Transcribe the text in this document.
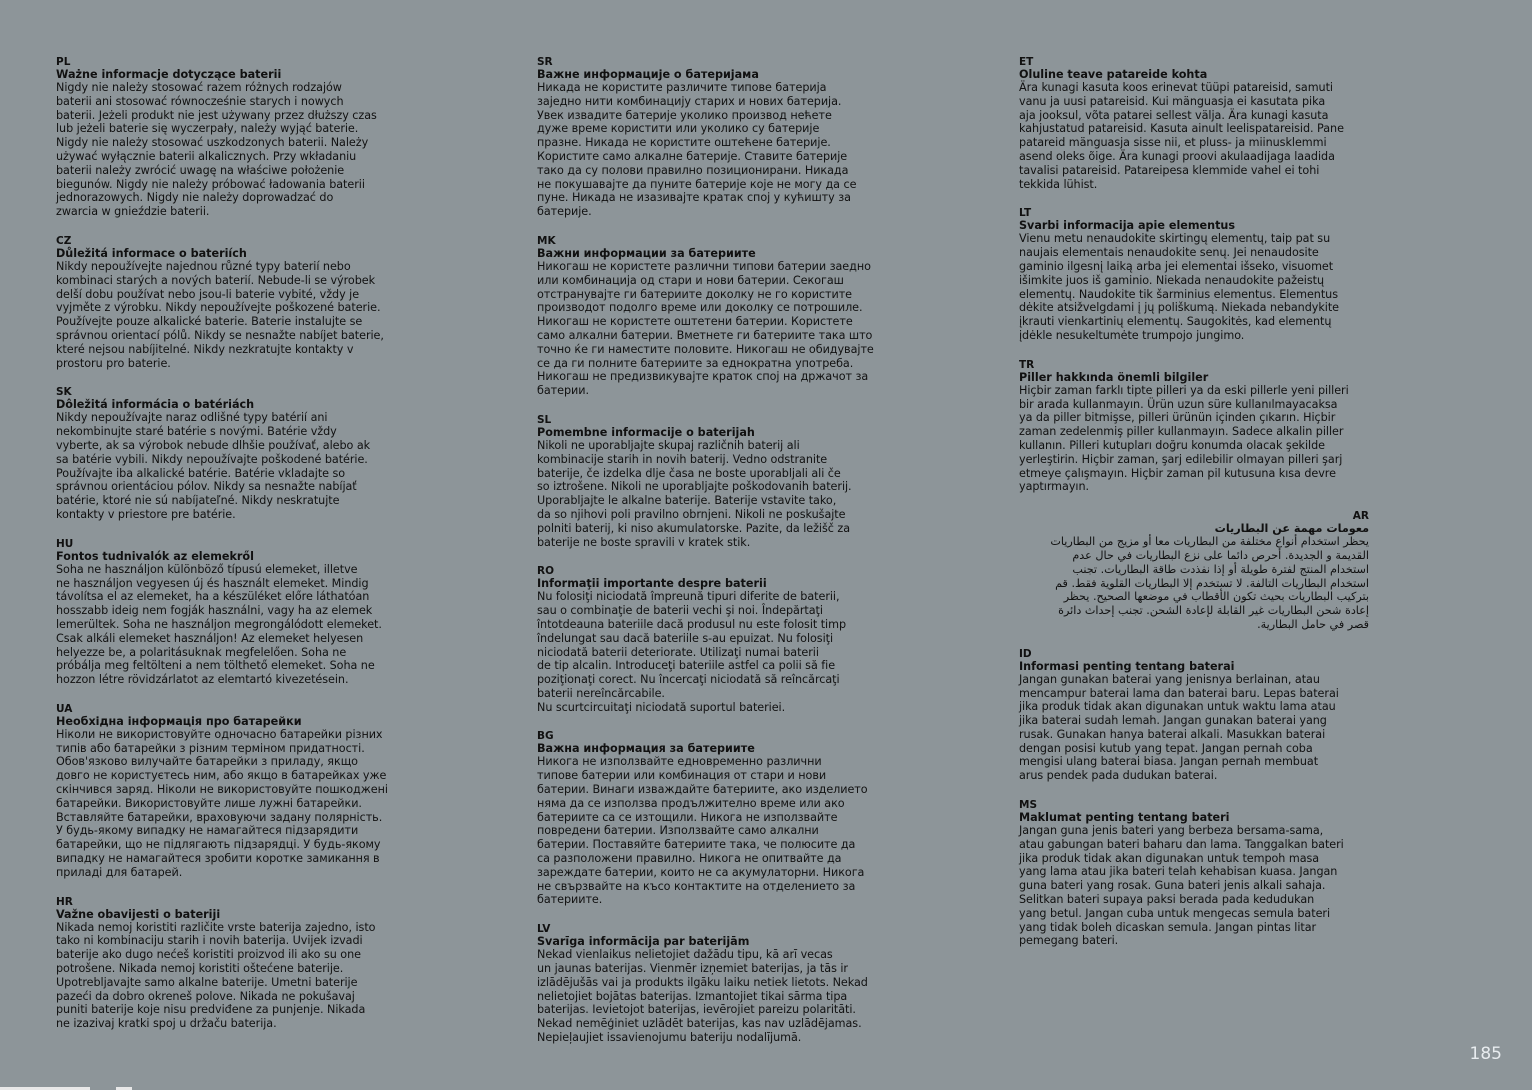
PL
Ważne informacje dotyczące baterii
Nigdy nie należy stosować razem różnych rodzajów
baterii ani stosować równocześnie starych i nowych
baterii. Jeżeli produkt nie jest używany przez dłuższy czas
lub jeżeli baterie się wyczerpały, należy wyjąć baterie.
Nigdy nie należy stosować uszkodzonych baterii. Należy
używać wyłącznie baterii alkalicznych. Przy wkładaniu
baterii należy zwrócić uwagę na właściwe położenie
biegunów. Nigdy nie należy próbować ładowania baterii
jednorazowych. Nigdy nie należy doprowadzać do
zwarcia w gnieździe baterii.
CZ
Důležitá informace o bateriích
Nikdy nepoužívejte najednou různé typy baterií nebo
kombinaci starých a nových baterií. Nebude-li se výrobek
delší dobu používat nebo jsou-li baterie vybité, vždy je
vyjměte z výrobku. Nikdy nepoužívejte poškozené baterie.
Používejte pouze alkalické baterie. Baterie instalujte se
správnou orientací pólů. Nikdy se nesnažte nabíjet baterie,
které nejsou nabíjitelné. Nikdy nezkratujte kontakty v
prostoru pro baterie.
SK
Dôležitá informácia o batériách
Nikdy nepoužívajte naraz odlišné typy batérií ani
nekombinujte staré batérie s novými. Batérie vždy
vyberte, ak sa výrobok nebude dlhšie používať, alebo ak
sa batérie vybili. Nikdy nepoužívajte poškodené batérie.
Používajte iba alkalické batérie. Batérie vkladajte so
správnou orientáciou pólov. Nikdy sa nesnažte nabíjať
batérie, ktoré nie sú nabíjateľné. Nikdy neskratujte
kontakty v priestore pre batérie.
HU
Fontos tudnivalók az elemekről
Soha ne használjon különböző típusú elemeket, illetve
ne használjon vegyesen új és használt elemeket. Mindig
távolítsa el az elemeket, ha a készüléket előre láthatóan
hosszabb ideig nem fogják használni, vagy ha az elemek
lemerültek. Soha ne használjon megrongálódott elemeket.
Csak alkáli elemeket használjon! Az elemeket helyesen
helyezze be, a polaritásuknak megfelelően. Soha ne
próbálja meg feltölteni a nem tölthető elemeket. Soha ne
hozzon létre rövidzárlatot az elemtartó kivezetésein.
UA
Необхідна інформація про батарейки
Ніколи не використовуйте одночасно батарейки різних
типів або батарейки з різним терміном придатності.
Обов'язково вилучайте батарейки з приладу, якщо
довго не користуєтесь ним, або якщо в батарейках уже
скінчився заряд. Ніколи не використовуйте пошкоджені
батарейки. Використовуйте лише лужні батарейки.
Вставляйте батарейки, враховуючи задану полярність.
У будь-якому випадку не намагайтеся підзарядити
батарейки, що не підлягають підзарядці. У будь-якому
випадку не намагайтеся зробити коротке замикання в
приладі для батарей.
HR
Važne obavijesti o baterijі
Nikada nemoj koristiti različite vrste baterija zajedno, isto
tako ni kombinaciju starih i novih baterija. Uvijek izvadi
baterije ako dugo nećeš koristiti proizvod ili ako su one
potrošene. Nikada nemoj koristiti oštećene baterije.
Upotrebljavajte samo alkalne baterije. Umetni baterije
pazeći da dobro okreneš polove. Nikada ne pokušavaj
puniti baterije koje nisu predviđene za punjenje. Nikada
ne izazivaj kratki spoj u držaču baterija.
SR
Важне информације о батеријама
Никада не користите различите типове батерија
заједно нити комбинацију старих и нових батерија.
Увек извадите батерије уколико производ нећете
дуже време користити или уколико су батерије
празне. Никада не користите оштећене батерије.
Користите само алкалне батерије. Ставите батерије
тако да су полови правилно позиционирани. Никада
не покушавајте да пуните батерије које не могу да се
пуне. Никада не изазивајте кратак спој у кућишту за
батерије.
MK
Важни информации за батериите
Никогаш не користете различни типови батерии заедно
или комбинација од стари и нови батерии. Секогаш
отстранувајте ги батериите доколку не го користите
производот подолго време или доколку се потрошиле.
Никогаш не користете оштетени батерии. Користете
само алкални батерии. Вметнете ги батериите така што
точно ќе ги наместите половите. Никогаш не обидувајте
се да ги полните батериите за еднократна употреба.
Никогаш не предизвикувајте краток спој на држачот за
батерии.
SL
Pomembne informacije o baterijah
Nikoli ne uporabljajte skupaj različnih baterij ali
kombinacije starih in novih baterij. Vedno odstranite
baterije, če izdelka dlje časa ne boste uporabljali ali če
so iztrošene. Nikoli ne uporabljajte poškodovanih baterij.
Uporabljajte le alkalne baterije. Baterije vstavite tako,
da so njihovi poli pravilno obrnjeni. Nikoli ne poskušajte
polniti baterij, ki niso akumulatorske. Pazite, da ležišč za
baterije ne boste spravili v kratek stik.
RO
Informaţii importante despre baterii
Nu folosiţi niciodată împreună tipuri diferite de baterii,
sau o combinaţie de baterii vechi şi noi. Îndepărtaţi
întotdeauna bateriile dacă produsul nu este folosit timp
îndelungat sau dacă bateriile s-au epuizat. Nu folosiţi
niciodată baterii deteriorate. Utilizaţi numai baterii
de tip alcalin. Introduceţi bateriile astfel ca polii să fie
poziţionaţi corect. Nu încercaţi niciodată să reîncărcaţi
baterii nereîncărcabile.
Nu scurtcircuitaţi niciodată suportul bateriei.
BG
Важна информация за батериите
Никога не използвайте едновременно различни
типове батерии или комбинация от стари и нови
батерии. Винаги изваждайте батериите, ако изделието
няма да се използва продължително време или ако
батериите са се изтощили. Никога не използвайте
повредени батерии. Използвайте само алкални
батерии. Поставяйте батериите така, че полюсите да
са разположени правилно. Никога не опитвайте да
зареждате батерии, които не са акумулаторни. Никога
не свързвайте на късо контактите на отделението за
батериите.
LV
Svarīga informācija par baterijām
Nekad vienlaikus nelietojiet dažādu tipu, kā arī vecas
un jaunas baterijas. Vienmēr izņemiet baterijas, ja tās ir
izlādējušās vai ja produkts ilgāku laiku netiek lietots. Nekad
nelietojiet bojātas baterijas. Izmantojiet tikai sārma tipa
baterijas. Ievietojot baterijas, ievērojiet pareizu polaritāti.
Nekad nemēģiniet uzlādēt baterijas, kas nav uzlādējamas.
Nepieļaujiet issavienojumu bateriju nodalījumā.
ET
Oluline teave patareide kohta
Ära kunagi kasuta koos erinevat tüüpi patareisid, samuti
vanu ja uusi patareisid. Kui mänguasja ei kasutata pika
aja jooksul, võta patarei sellest välja. Ära kunagi kasuta
kahjustatud patareisid. Kasuta ainult leelispatareisid. Pane
patareid mänguasja sisse nii, et pluss- ja miinusklemmi
asend oleks õige. Ära kunagi proovi akulaadijaga laadida
tavalisi patareisid. Patareipesa klemmide vahel ei tohi
tekkida lühist.
LT
Svarbi informacija apie elementus
Vienu metu nenaudokite skirtingų elementų, taip pat su
naujais elementais nenaudokite senų. Jei nenaudosite
gaminio ilgesnį laiką arba jei elementai išseko, visuomet
išimkite juos iš gaminio. Niekada nenaudokite pažeistų
elementų. Naudokite tik šarminius elementus. Elementus
dėkite atsižvelgdami į jų poliškumą. Niekada nebandykite
įkrauti vienkartinių elementų. Saugokitės, kad elementų
įdėkle nesukeltumėte trumpojo jungimo.
TR
Piller hakkında önemli bilgiler
Hiçbir zaman farklı tipte pilleri ya da eski pillerle yeni pilleri
bir arada kullanmayın. Ürün uzun süre kullanılmayacaksa
ya da piller bitmişse, pilleri ürünün içinden çıkarın. Hiçbir
zaman zedelenmiş piller kullanmayın. Sadece alkalin piller
kullanın. Pilleri kutupları doğru konumda olacak şekilde
yerleştirin. Hiçbir zaman, şarj edilebilir olmayan pilleri şarj
etmeye çalışmayın. Hiçbir zaman pil kutusuna kısa devre
yaptırmayın.
AR
معومات مهمة عن البطاريات
يحظر استخدام أنواع مختلفة من البطاريات معا أو مزيج من البطاريات
القديمة و الجديدة. أحرص دائما على نزع البطاريات في حال عدم
استخدام المنتج لفترة طويلة أو إذا نفذدت طاقة البطاريات. تجنب
استخدام البطاريات التالفة. لا تستخدم إلا البطاريات القلوية فقط. قم
بتركيب البطاريات بحيث تكون الأقطاب في موضعها الصحيح. يحظر
إعادة شحن البطاريات غير القابلة لإعادة الشحن. تجنب إحداث دائرة
قصر في حامل البطارية.
ID
Informasi penting tentang baterai
Jangan gunakan baterai yang jenisnya berlainan, atau
mencampur baterai lama dan baterai baru. Lepas baterai
jika produk tidak akan digunakan untuk waktu lama atau
jika baterai sudah lemah. Jangan gunakan baterai yang
rusak. Gunakan hanya baterai alkali. Masukkan baterai
dengan posisi kutub yang tepat. Jangan pernah coba
mengisi ulang baterai biasa. Jangan pernah membuat
arus pendek pada dudukan baterai.
MS
Maklumat penting tentang bateri
Jangan guna jenis bateri yang berbeza bersama-sama,
atau gabungan bateri baharu dan lama. Tanggalkan bateri
jika produk tidak akan digunakan untuk tempoh masa
yang lama atau jika bateri telah kehabisan kuasa. Jangan
guna bateri yang rosak. Guna bateri jenis alkali sahaja.
Selitkan bateri supaya paksi berada pada kedudukan
yang betul. Jangan cuba untuk mengecas semula bateri
yang tidak boleh dicaskan semula. Jangan pintas litar
pemegang bateri.
185
